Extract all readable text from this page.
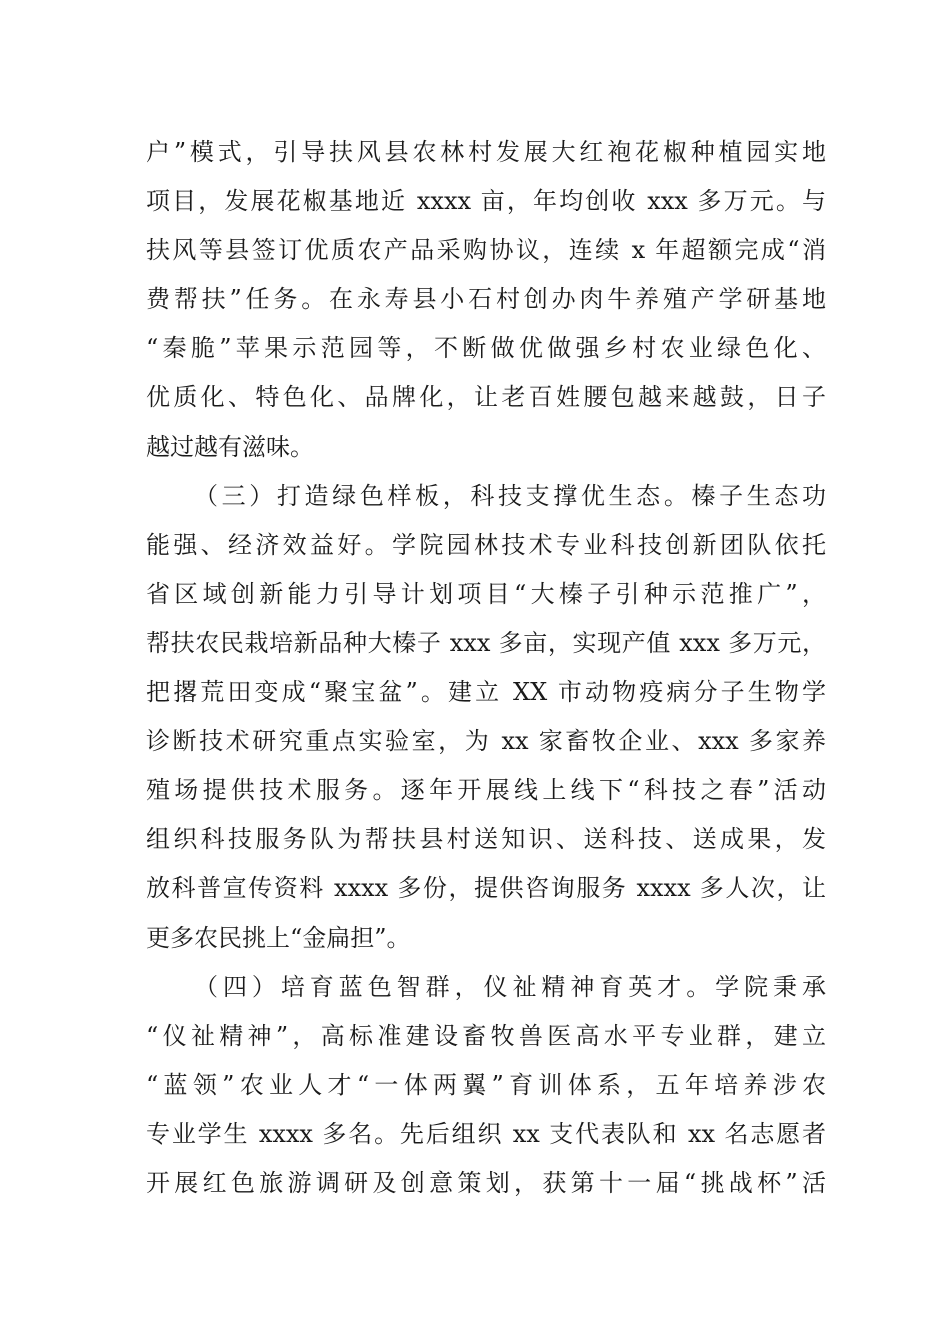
户”模式，引导扶风县农林村发展大红袍花椒种植园实地
项目，发展花椒基地近 xxxx 亩，年均创收 xxx 多万元。与
扶风等县签订优质农产品采购协议，连续 x 年超额完成“消
费帮扶”任务。在永寿县小石村创办肉牛养殖产学研基地
“秦脆”苹果示范园等，不断做优做强乡村农业绿色化、
优质化、特色化、品牌化，让老百姓腰包越来越鼓，日子
越过越有滋味。
（三）打造绿色样板，科技支撑优生态。榛子生态功
能强、经济效益好。学院园林技术专业科技创新团队依托
省区域创新能力引导计划项目“大榛子引种示范推广”，
帮扶农民栽培新品种大榛子 xxx 多亩，实现产值 xxx 多万元，
把撂荒田变成“聚宝盆”。建立 XX 市动物疫病分子生物学
诊断技术研究重点实验室，为 xx 家畜牧企业、xxx 多家养
殖场提供技术服务。逐年开展线上线下“科技之春”活动
组织科技服务队为帮扶县村送知识、送科技、送成果，发
放科普宣传资料 xxxx 多份，提供咨询服务 xxxx 多人次，让
更多农民挑上“金扁担”。
（四）培育蓝色智群，仪祉精神育英才。学院秉承
“仪祉精神”，高标准建设畜牧兽医高水平专业群，建立
“蓝领”农业人才“一体两翼”育训体系，五年培养涉农
专业学生 xxxx 多名。先后组织 xx 支代表队和 xx 名志愿者
开展红色旅游调研及创意策划，获第十一届“挑战杯”活
